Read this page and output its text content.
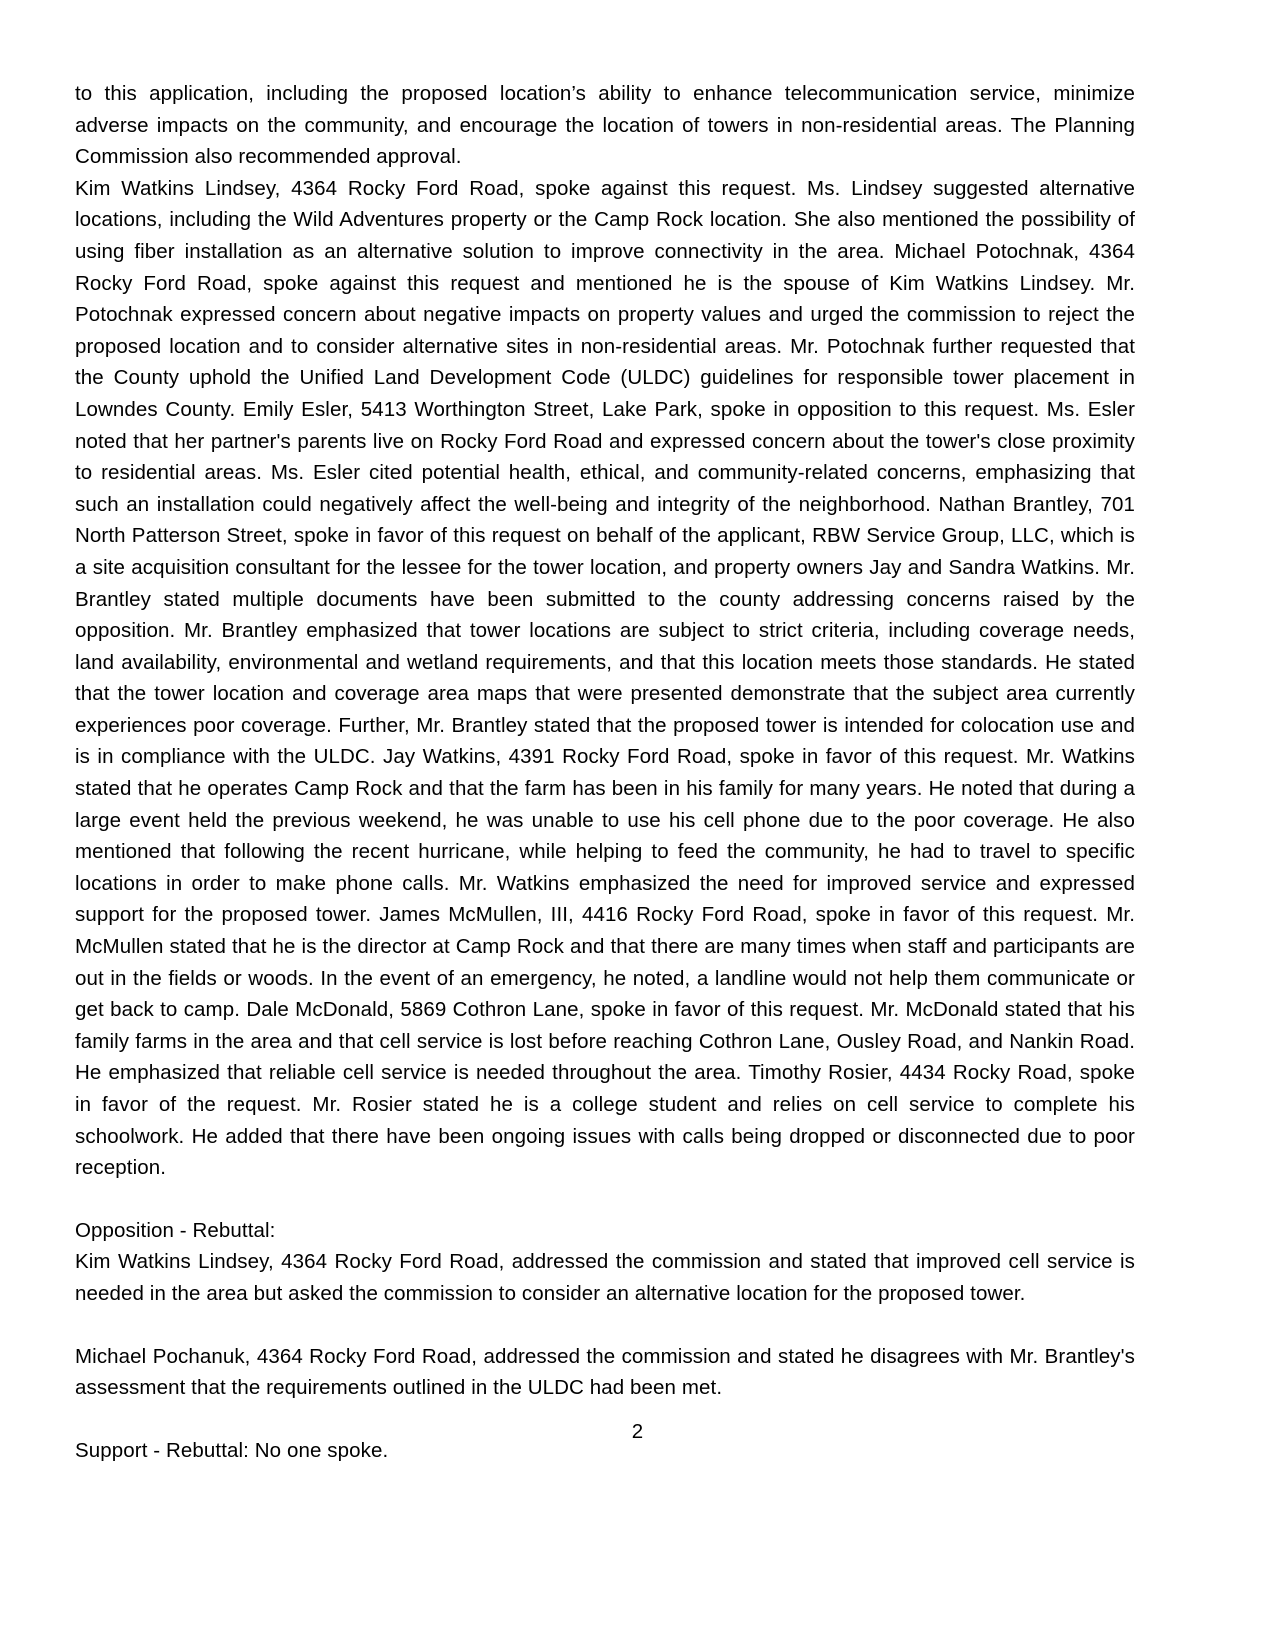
to this application, including the proposed location’s ability to enhance telecommunication service, minimize adverse impacts on the community, and encourage the location of towers in non-residential areas. The Planning Commission also recommended approval.

Kim Watkins Lindsey, 4364 Rocky Ford Road, spoke against this request. Ms. Lindsey suggested alternative locations, including the Wild Adventures property or the Camp Rock location. She also mentioned the possibility of using fiber installation as an alternative solution to improve connectivity in the area. Michael Potochnak, 4364 Rocky Ford Road, spoke against this request and mentioned he is the spouse of Kim Watkins Lindsey. Mr. Potochnak expressed concern about negative impacts on property values and urged the commission to reject the proposed location and to consider alternative sites in non-residential areas. Mr. Potochnak further requested that the County uphold the Unified Land Development Code (ULDC) guidelines for responsible tower placement in Lowndes County. Emily Esler, 5413 Worthington Street, Lake Park, spoke in opposition to this request. Ms. Esler noted that her partner's parents live on Rocky Ford Road and expressed concern about the tower's close proximity to residential areas. Ms. Esler cited potential health, ethical, and community-related concerns, emphasizing that such an installation could negatively affect the well-being and integrity of the neighborhood. Nathan Brantley, 701 North Patterson Street, spoke in favor of this request on behalf of the applicant, RBW Service Group, LLC, which is a site acquisition consultant for the lessee for the tower location, and property owners Jay and Sandra Watkins. Mr. Brantley stated multiple documents have been submitted to the county addressing concerns raised by the opposition. Mr. Brantley emphasized that tower locations are subject to strict criteria, including coverage needs, land availability, environmental and wetland requirements, and that this location meets those standards. He stated that the tower location and coverage area maps that were presented demonstrate that the subject area currently experiences poor coverage. Further, Mr. Brantley stated that the proposed tower is intended for colocation use and is in compliance with the ULDC. Jay Watkins, 4391 Rocky Ford Road, spoke in favor of this request. Mr. Watkins stated that he operates Camp Rock and that the farm has been in his family for many years. He noted that during a large event held the previous weekend, he was unable to use his cell phone due to the poor coverage. He also mentioned that following the recent hurricane, while helping to feed the community, he had to travel to specific locations in order to make phone calls. Mr. Watkins emphasized the need for improved service and expressed support for the proposed tower. James McMullen, III, 4416 Rocky Ford Road, spoke in favor of this request. Mr. McMullen stated that he is the director at Camp Rock and that there are many times when staff and participants are out in the fields or woods. In the event of an emergency, he noted, a landline would not help them communicate or get back to camp. Dale McDonald, 5869 Cothron Lane, spoke in favor of this request. Mr. McDonald stated that his family farms in the area and that cell service is lost before reaching Cothron Lane, Ousley Road, and Nankin Road. He emphasized that reliable cell service is needed throughout the area. Timothy Rosier, 4434 Rocky Road, spoke in favor of the request. Mr. Rosier stated he is a college student and relies on cell service to complete his schoolwork. He added that there have been ongoing issues with calls being dropped or disconnected due to poor reception.

Opposition - Rebuttal:

Kim Watkins Lindsey, 4364 Rocky Ford Road, addressed the commission and stated that improved cell service is needed in the area but asked the commission to consider an alternative location for the proposed tower.

Michael Pochanuk, 4364 Rocky Ford Road, addressed the commission and stated he disagrees with Mr. Brantley's assessment that the requirements outlined in the ULDC had been met.

Support - Rebuttal: No one spoke.

2
